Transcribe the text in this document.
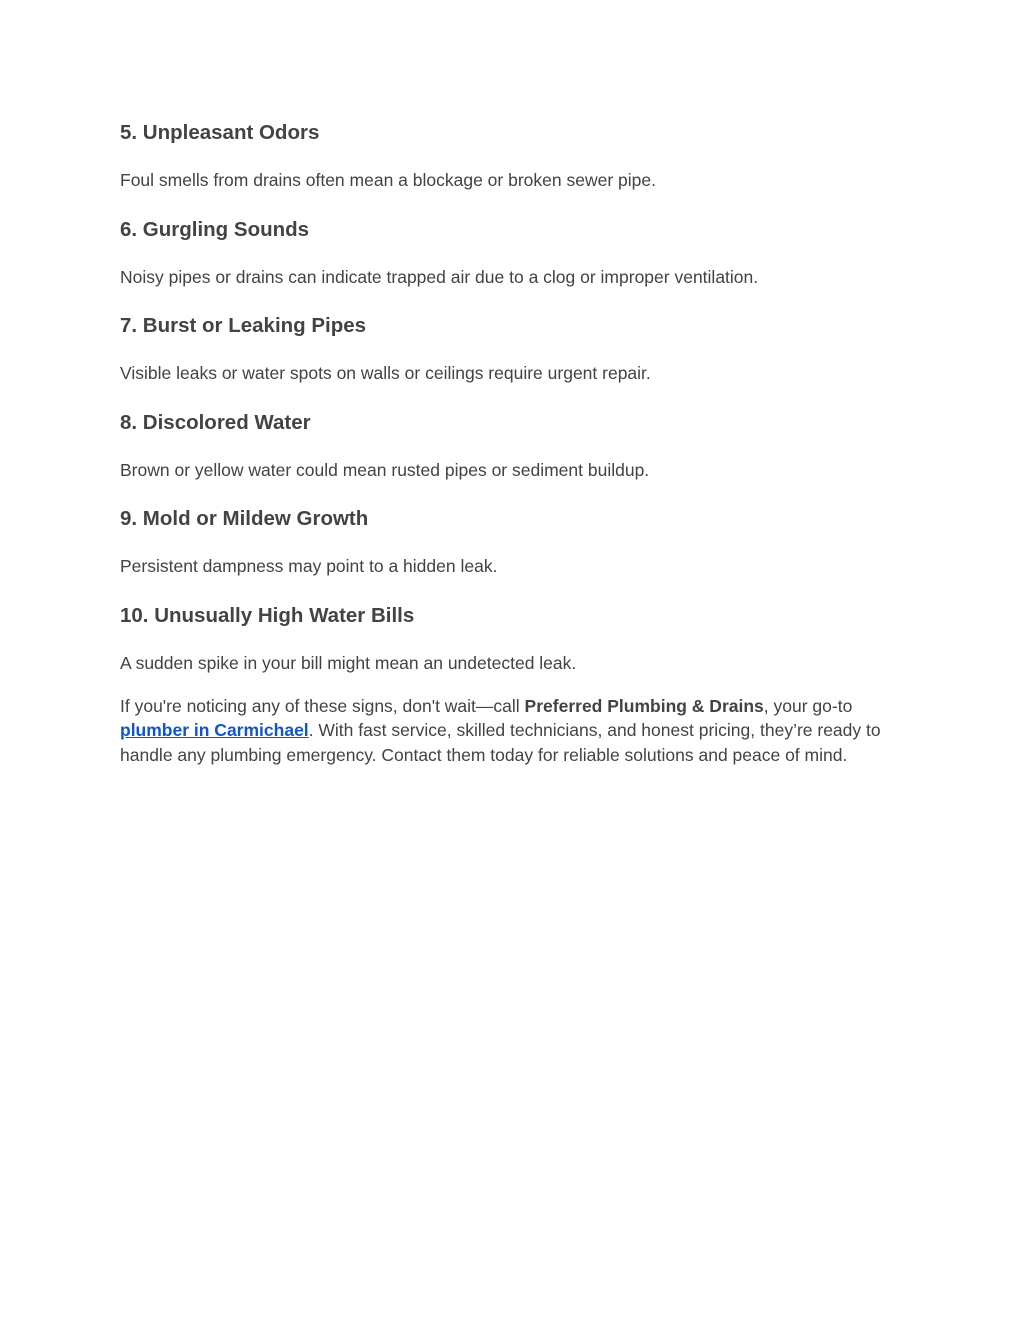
5. Unpleasant Odors

Foul smells from drains often mean a blockage or broken sewer pipe.

6. Gurgling Sounds

Noisy pipes or drains can indicate trapped air due to a clog or improper ventilation.

7. Burst or Leaking Pipes

Visible leaks or water spots on walls or ceilings require urgent repair.

8. Discolored Water

Brown or yellow water could mean rusted pipes or sediment buildup.

9. Mold or Mildew Growth

Persistent dampness may point to a hidden leak.

10. Unusually High Water Bills

A sudden spike in your bill might mean an undetected leak.

If you're noticing any of these signs, don't wait—call Preferred Plumbing & Drains, your go-to plumber in Carmichael. With fast service, skilled technicians, and honest pricing, they’re ready to handle any plumbing emergency. Contact them today for reliable solutions and peace of mind.
